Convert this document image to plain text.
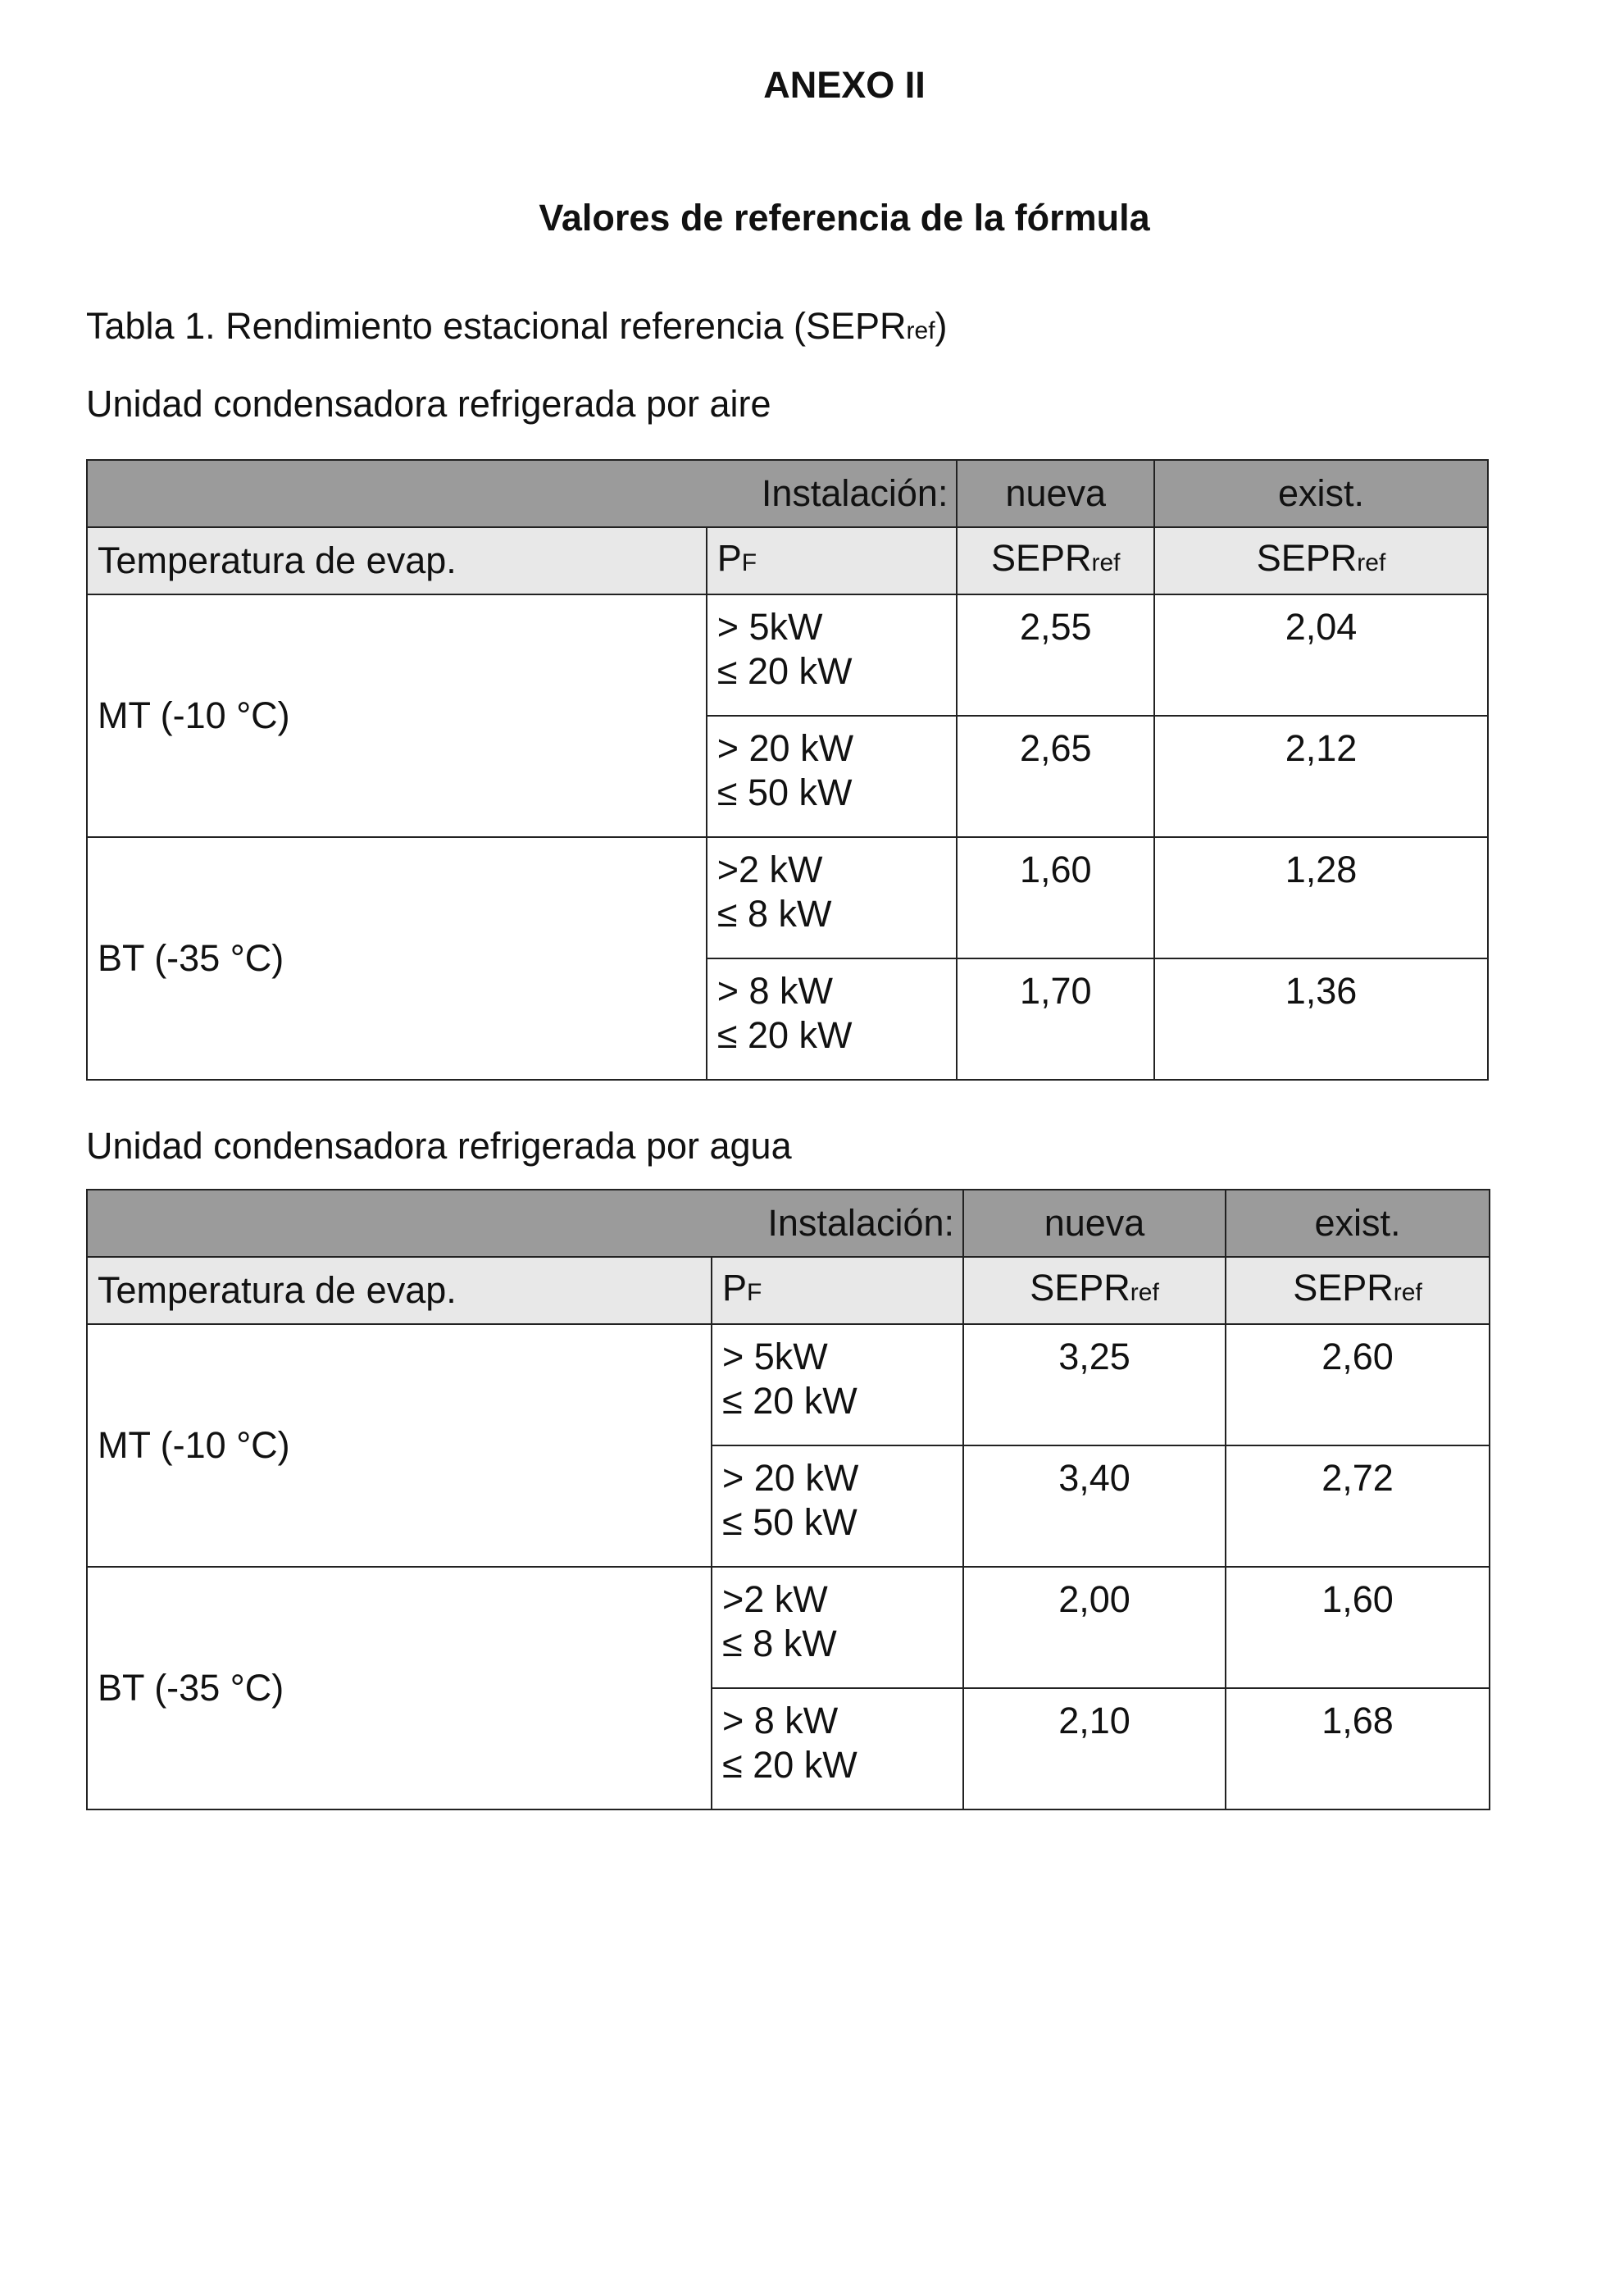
ANEXO II
Valores de referencia de la fórmula
Tabla 1. Rendimiento estacional referencia (SEPRref)
Unidad condensadora refrigerada por aire
Instalación:		nueva	exist.
Temperatura de evap.	PF	SEPRref	SEPRref
MT (-10 °C)	> 5kW
≤ 20 kW	2,55	2,04

	> 20 kW
≤ 50 kW	2,65	2,12
BT (-35 °C)	>2 kW
≤ 8 kW	1,60	1,28

	> 8 kW
≤ 20 kW	1,70	1,36
Unidad condensadora refrigerada por agua
Instalación:		nueva	exist.
Temperatura de evap.	PF	SEPRref	SEPRref
MT (-10 °C)	> 5kW
≤ 20 kW	3,25	2,60

	> 20 kW
≤ 50 kW	3,40	2,72
BT (-35 °C)	>2 kW
≤ 8 kW	2,00	1,60

	> 8 kW
≤ 20 kW	2,10	1,68
